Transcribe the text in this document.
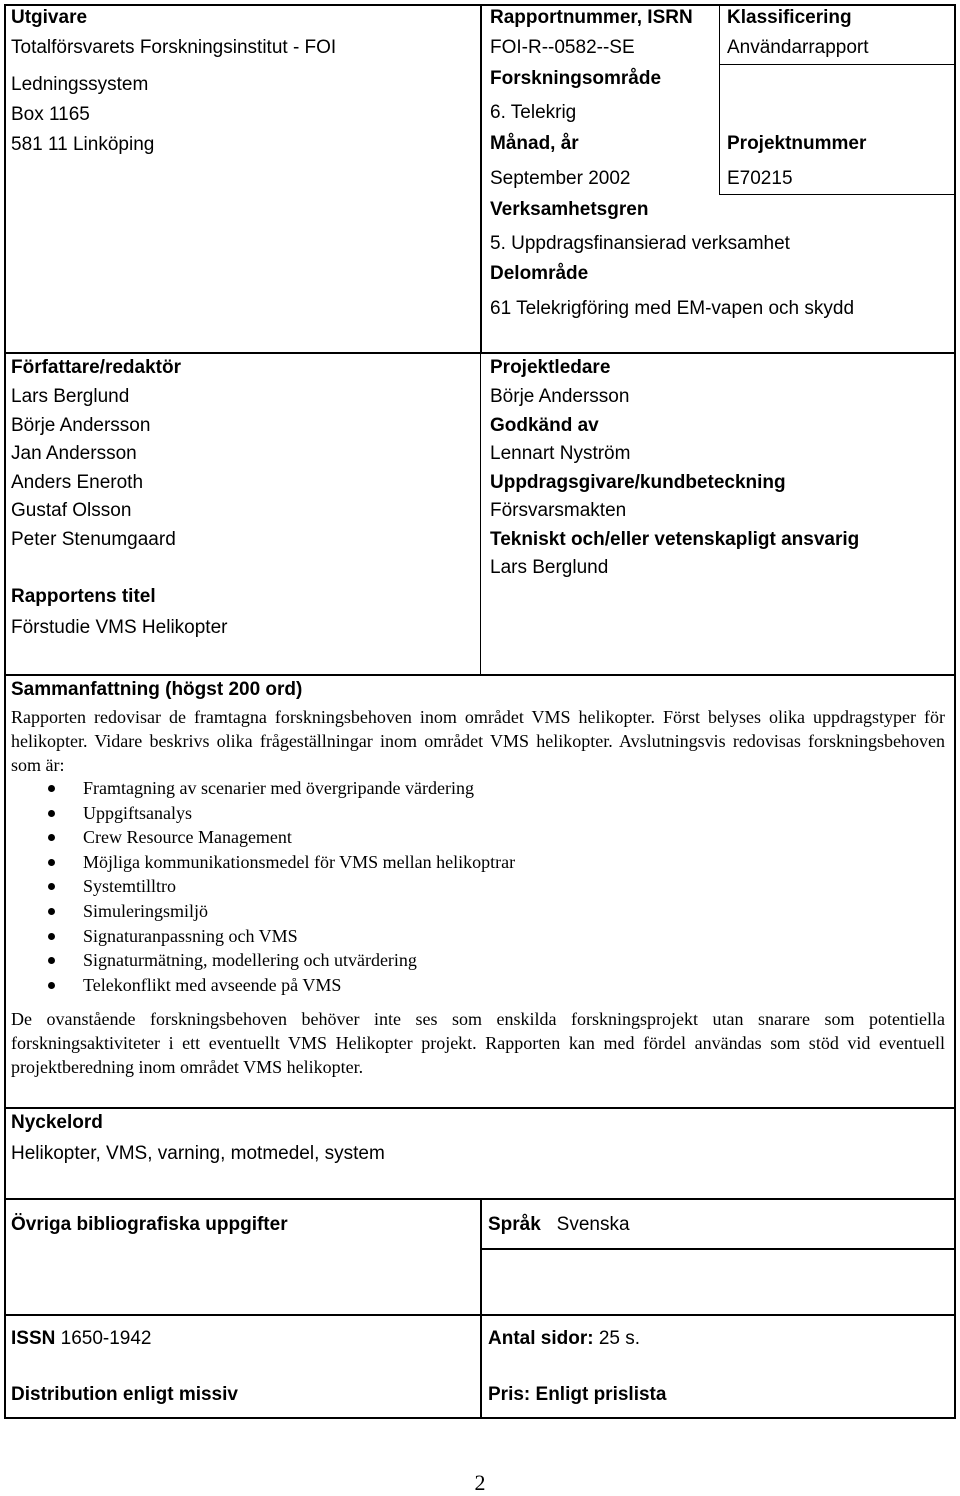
Utgivare
Totalförsvarets Forskningsinstitut - FOI
Ledningssystem
Box 1165
581 11 Linköping
Rapportnummer, ISRN
FOI-R--0582--SE
Forskningsområde
6. Telekrig
Månad, år
September 2002
Verksamhetsgren
5. Uppdragsfinansierad verksamhet
Delområde
61 Telekrigföring med EM-vapen och skydd
Klassificering
Användarrapport
Projektnummer
E70215
Författare/redaktör
Lars Berglund
Börje Andersson
Jan Andersson
Anders Eneroth
Gustaf Olsson
Peter Stenumgaard
Rapportens titel
Förstudie VMS Helikopter
Projektledare
Börje Andersson
Godkänd av
Lennart Nyström
Uppdragsgivare/kundbeteckning
Försvarsmakten
Tekniskt och/eller vetenskapligt ansvarig
Lars Berglund
Sammanfattning (högst 200 ord)
Rapporten redovisar de framtagna forskningsbehoven inom området VMS helikopter. Först belyses olika uppdragstyper för helikopter. Vidare beskrivs olika frågeställningar inom området VMS helikopter. Avslutningsvis redovisas forskningsbehoven som är:
Framtagning av scenarier med övergripande värdering
Uppgiftsanalys
Crew Resource Management
Möjliga kommunikationsmedel för VMS mellan helikoptrar
Systemtilltro
Simuleringsmiljö
Signaturanpassning och VMS
Signaturmätning, modellering och utvärdering
Telekonflikt med avseende på VMS
De ovanstående forskningsbehoven behöver inte ses som enskilda forskningsprojekt utan snarare som potentiella forskningsaktiviteter i ett eventuellt VMS Helikopter projekt. Rapporten kan med fördel användas som stöd vid eventuell projektberedning inom området VMS helikopter.
Nyckelord
Helikopter, VMS, varning, motmedel, system
Övriga bibliografiska uppgifter	Språk Svenska
ISSN 1650-1942	Antal sidor: 25 s.
Distribution enligt missiv	Pris: Enligt prislista
2
